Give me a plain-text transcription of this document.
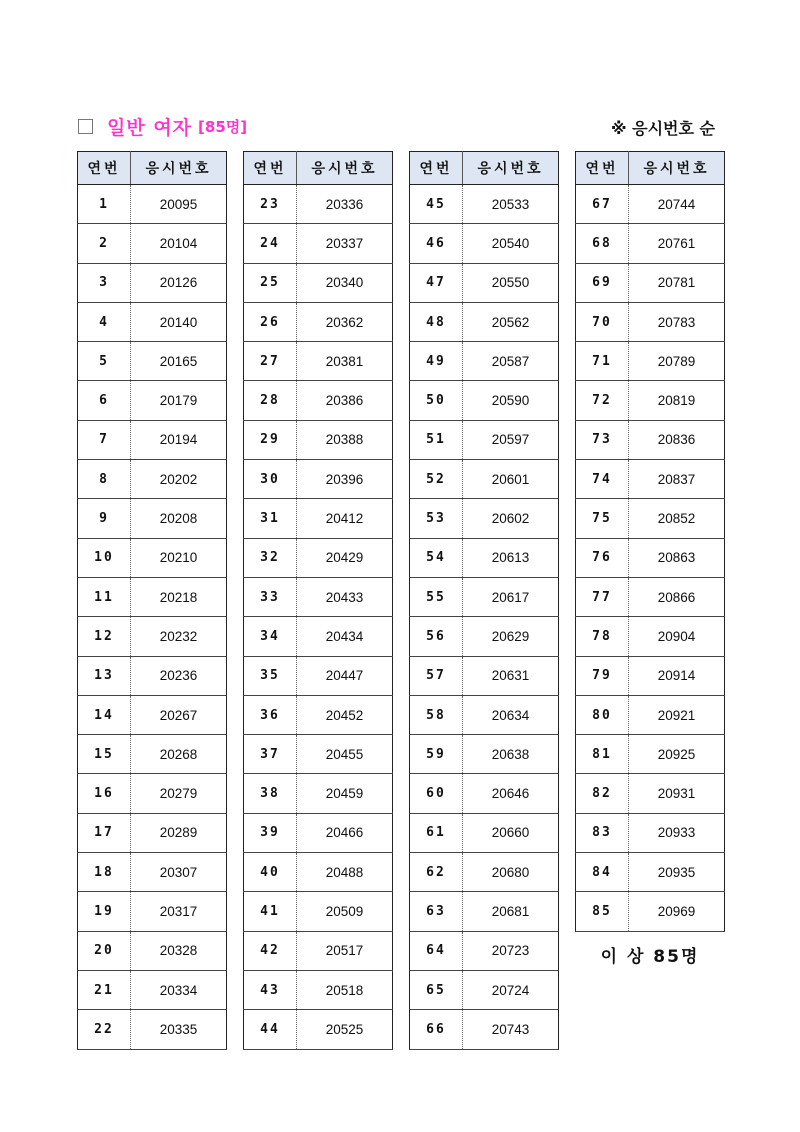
일반 여자 [85명]	※ 응시번호 순
연번	응시번호
1	20095
2	20104
3	20126
4	20140
5	20165
6	20179
7	20194
8	20202
9	20208
10	20210
11	20218
12	20232
13	20236
14	20267
15	20268
16	20279
17	20289
18	20307
19	20317
20	20328
21	20334
22	20335
연번	응시번호
23	20336
24	20337
25	20340
26	20362
27	20381
28	20386
29	20388
30	20396
31	20412
32	20429
33	20433
34	20434
35	20447
36	20452
37	20455
38	20459
39	20466
40	20488
41	20509
42	20517
43	20518
44	20525
연번	응시번호
45	20533
46	20540
47	20550
48	20562
49	20587
50	20590
51	20597
52	20601
53	20602
54	20613
55	20617
56	20629
57	20631
58	20634
59	20638
60	20646
61	20660
62	20680
63	20681
64	20723
65	20724
66	20743
연번	응시번호
67	20744
68	20761
69	20781
70	20783
71	20789
72	20819
73	20836
74	20837
75	20852
76	20863
77	20866
78	20904
79	20914
80	20921
81	20925
82	20931
83	20933
84	20935
85	20969
이 상 85명
